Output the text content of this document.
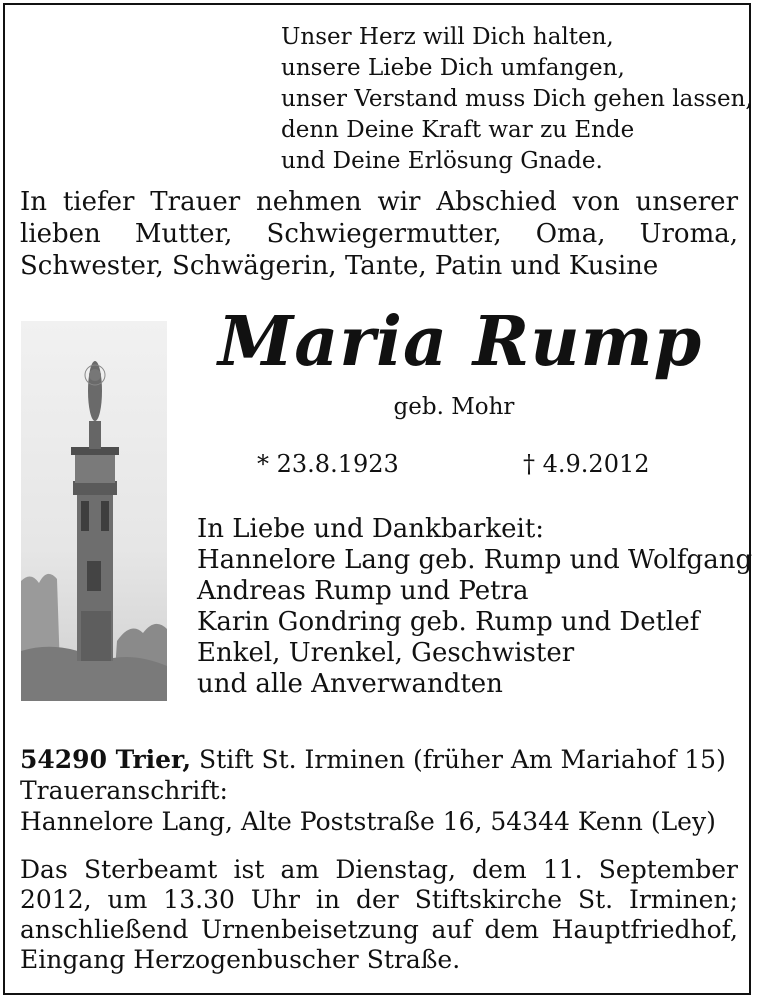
Unser Herz will Dich halten,
unsere Liebe Dich umfangen,
unser Verstand muss Dich gehen lassen,
denn Deine Kraft war zu Ende
und Deine Erlösung Gnade.
In tiefer Trauer nehmen wir Abschied von unserer lieben Mutter, Schwiegermutter, Oma, Uroma, Schwester, Schwägerin, Tante, Patin und Kusine
Maria Rump
geb. Mohr
* 23.8.1923	† 4.9.2012
In Liebe und Dankbarkeit:
Hannelore Lang geb. Rump und Wolfgang
Andreas Rump und Petra
Karin Gondring geb. Rump und Detlef
Enkel, Urenkel, Geschwister
und alle Anverwandten
54290 Trier, Stift St. Irminen (früher Am Mariahof 15)
Traueranschrift:
Hannelore Lang, Alte Poststraße 16, 54344 Kenn (Ley)
Das Sterbeamt ist am Dienstag, dem 11. September 2012, um 13.30 Uhr in der Stiftskirche St. Irminen; anschließend Urnenbeisetzung auf dem Hauptfriedhof, Eingang Herzogenbuscher Straße.
